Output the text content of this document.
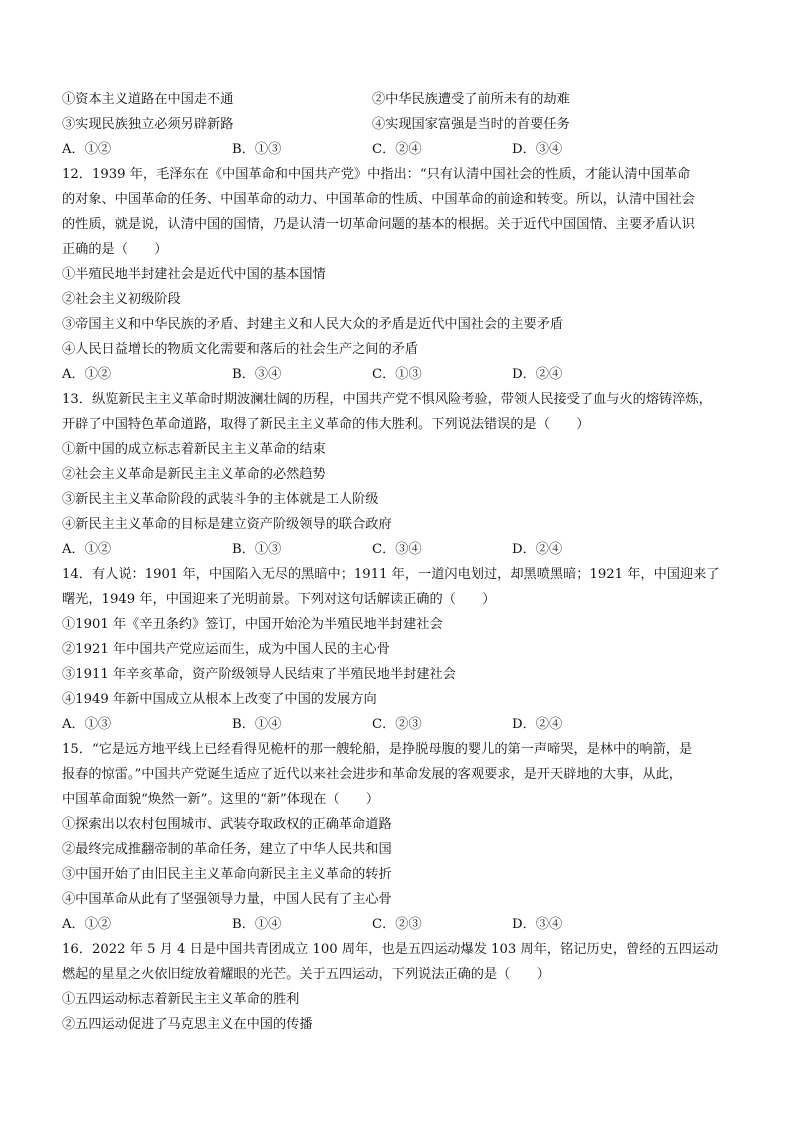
①资本主义道路在中国走不通	②中华民族遭受了前所未有的劫难
③实现民族独立必须另辟新路	④实现国家富强是当时的首要任务
A．①②	B．①③	C．②④	D．③④
12．1939 年，毛泽东在《中国革命和中国共产党》中指出：“只有认清中国社会的性质，才能认清中国革命
的对象、中国革命的任务、中国革命的动力、中国革命的性质、中国革命的前途和转变。所以，认清中国社会
的性质，就是说，认清中国的国情，乃是认清一切革命问题的基本的根据。关于近代中国国情、主要矛盾认识
正确的是（　　）
①半殖民地半封建社会是近代中国的基本国情
②社会主义初级阶段
③帝国主义和中华民族的矛盾、封建主义和人民大众的矛盾是近代中国社会的主要矛盾
④人民日益增长的物质文化需要和落后的社会生产之间的矛盾
A．①②	B．③④	C．①③	D．②④
13．纵览新民主主义革命时期波澜壮阔的历程，中国共产党不惧风险考验，带领人民接受了血与火的熔铸淬炼，
开辟了中国特色革命道路，取得了新民主主义革命的伟大胜利。下列说法错误的是（　　）
①新中国的成立标志着新民主主义革命的结束
②社会主义革命是新民主主义革命的必然趋势
③新民主主义革命阶段的武装斗争的主体就是工人阶级
④新民主主义革命的目标是建立资产阶级领导的联合政府
A．①②	B．①③	C．③④	D．②④
14．有人说：1901 年，中国陷入无尽的黑暗中；1911 年，一道闪电划过，却黑喷黑暗；1921 年，中国迎来了
曙光，1949 年，中国迎来了光明前景。下列对这句话解读正确的（　　）
①1901 年《辛丑条约》签订，中国开始沦为半殖民地半封建社会
②1921 年中国共产党应运而生，成为中国人民的主心骨
③1911 年辛亥革命，资产阶级领导人民结束了半殖民地半封建社会
④1949 年新中国成立从根本上改变了中国的发展方向
A．①③	B．①④	C．②③	D．②④
15．“它是远方地平线上已经看得见桅杆的那一艘轮船，是挣脱母腹的婴儿的第一声啼哭，是林中的响箭，是
报春的惊雷。”中国共产党诞生适应了近代以来社会进步和革命发展的客观要求，是开天辟地的大事，从此，
中国革命面貌“焕然一新”。这里的“新”体现在（　　）
①探索出以农村包围城市、武装夺取政权的正确革命道路
②最终完成推翻帝制的革命任务，建立了中华人民共和国
③中国开始了由旧民主主义革命向新民主主义革命的转折
④中国革命从此有了坚强领导力量，中国人民有了主心骨
A．①②	B．①④	C．②③	D．③④
16．2022 年 5 月 4 日是中国共青团成立 100 周年，也是五四运动爆发 103 周年，铭记历史，曾经的五四运动
燃起的星星之火依旧绽放着耀眼的光芒。关于五四运动，下列说法正确的是（　　）
①五四运动标志着新民主主义革命的胜利
②五四运动促进了马克思主义在中国的传播
